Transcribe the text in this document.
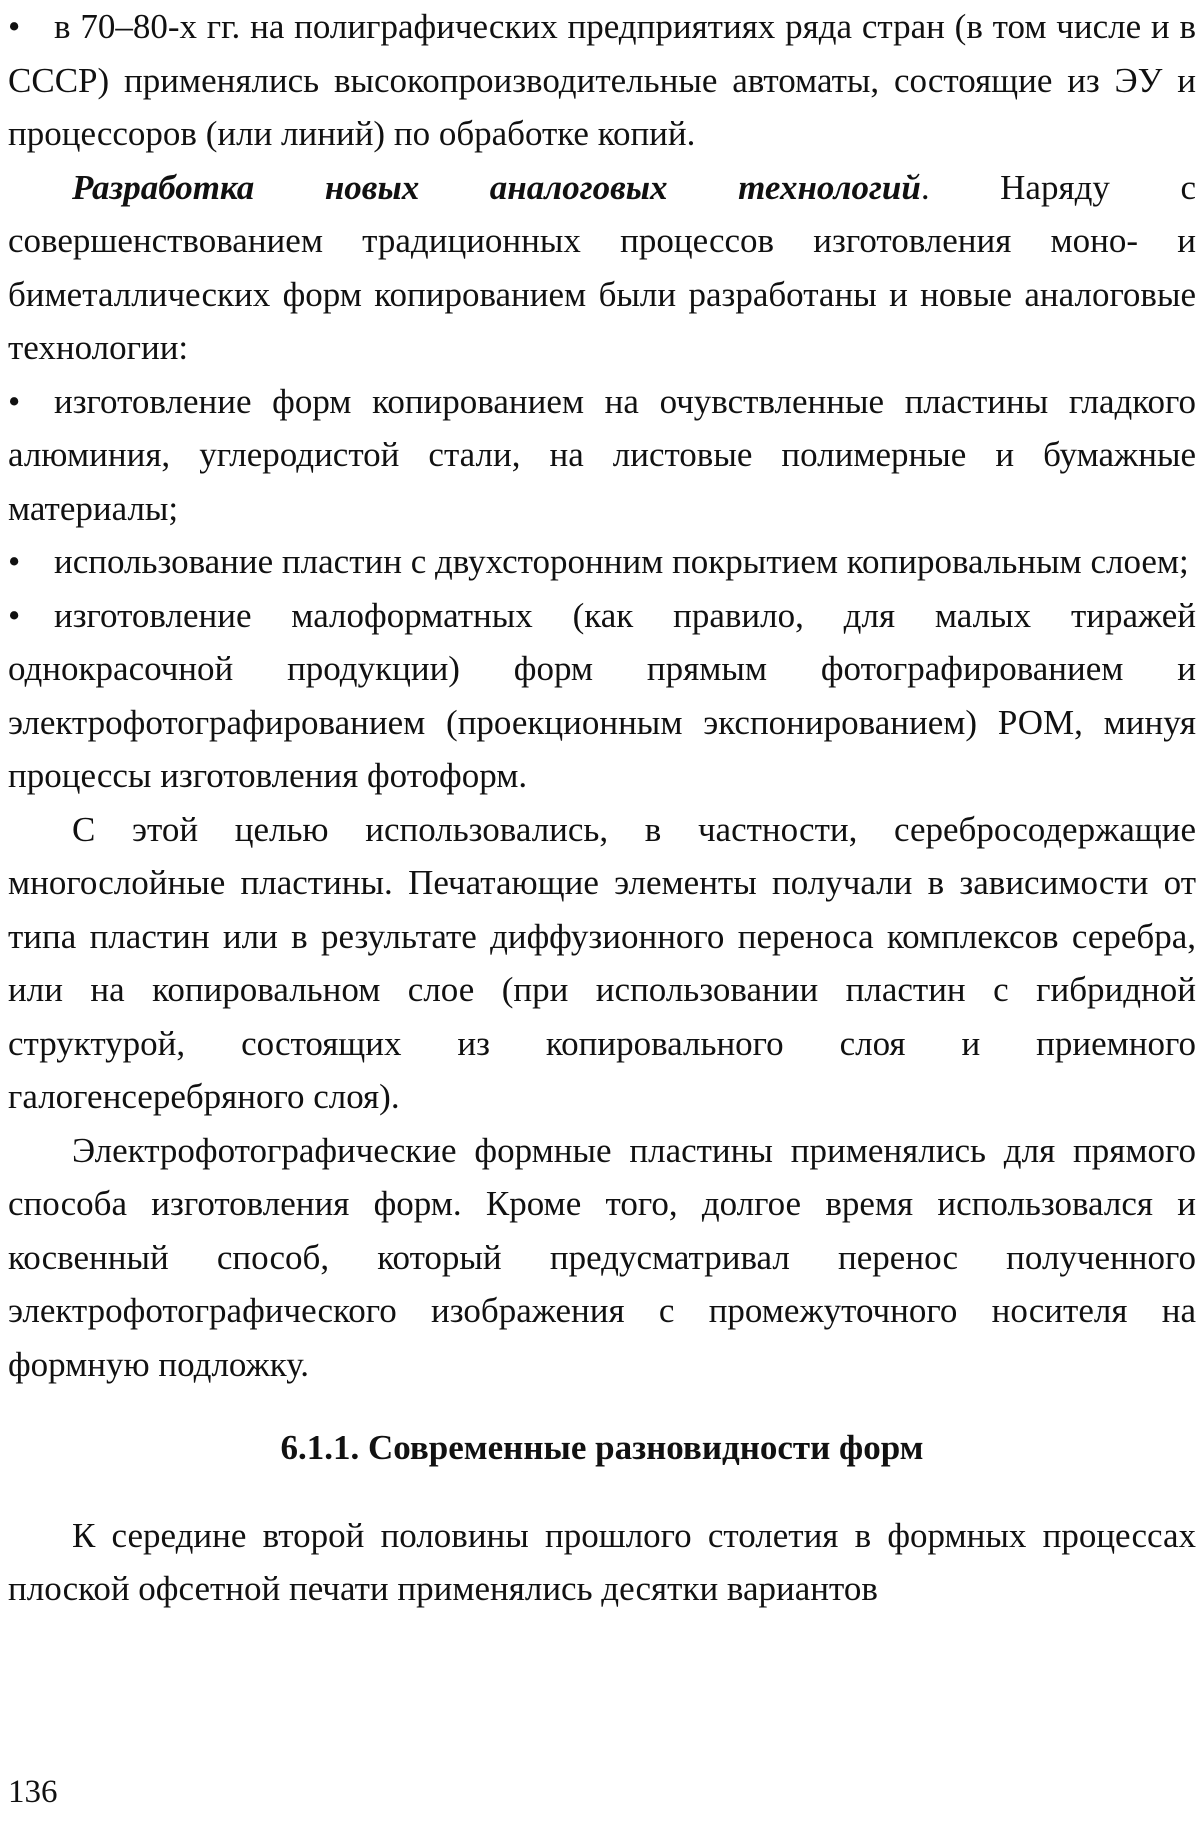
• в 70–80-х гг. на полиграфических предприятиях ряда стран (в том числе и в СССР) применялись высокопроизводительные автоматы, состоящие из ЭУ и процессоров (или линий) по обработке копий.

Разработка новых аналоговых технологий. Наряду с совершенствованием традиционных процессов изготовления моно- и биметаллических форм копированием были разработаны и новые аналоговые технологии:

• изготовление форм копированием на очувствленные пластины гладкого алюминия, углеродистой стали, на листовые полимерные и бумажные материалы;

• использование пластин с двухсторонним покрытием копировальным слоем;

• изготовление малоформатных (как правило, для малых тиражей однокрасочной продукции) форм прямым фотографированием и электрофотографированием (проекционным экспонированием) РОМ, минуя процессы изготовления фотоформ.

С этой целью использовались, в частности, серебросодержащие многослойные пластины. Печатающие элементы получали в зависимости от типа пластин или в результате диффузионного переноса комплексов серебра, или на копировальном слое (при использовании пластин с гибридной структурой, состоящих из копировального слоя и приемного галогенсеребряного слоя).

Электрофотографические формные пластины применялись для прямого способа изготовления форм. Кроме того, долгое время использовался и косвенный способ, который предусматривал перенос полученного электрофотографического изображения с промежуточного носителя на формную подложку.

6.1.1. Современные разновидности форм

К середине второй половины прошлого столетия в формных процессах плоской офсетной печати применялись десятки вариантов

136
